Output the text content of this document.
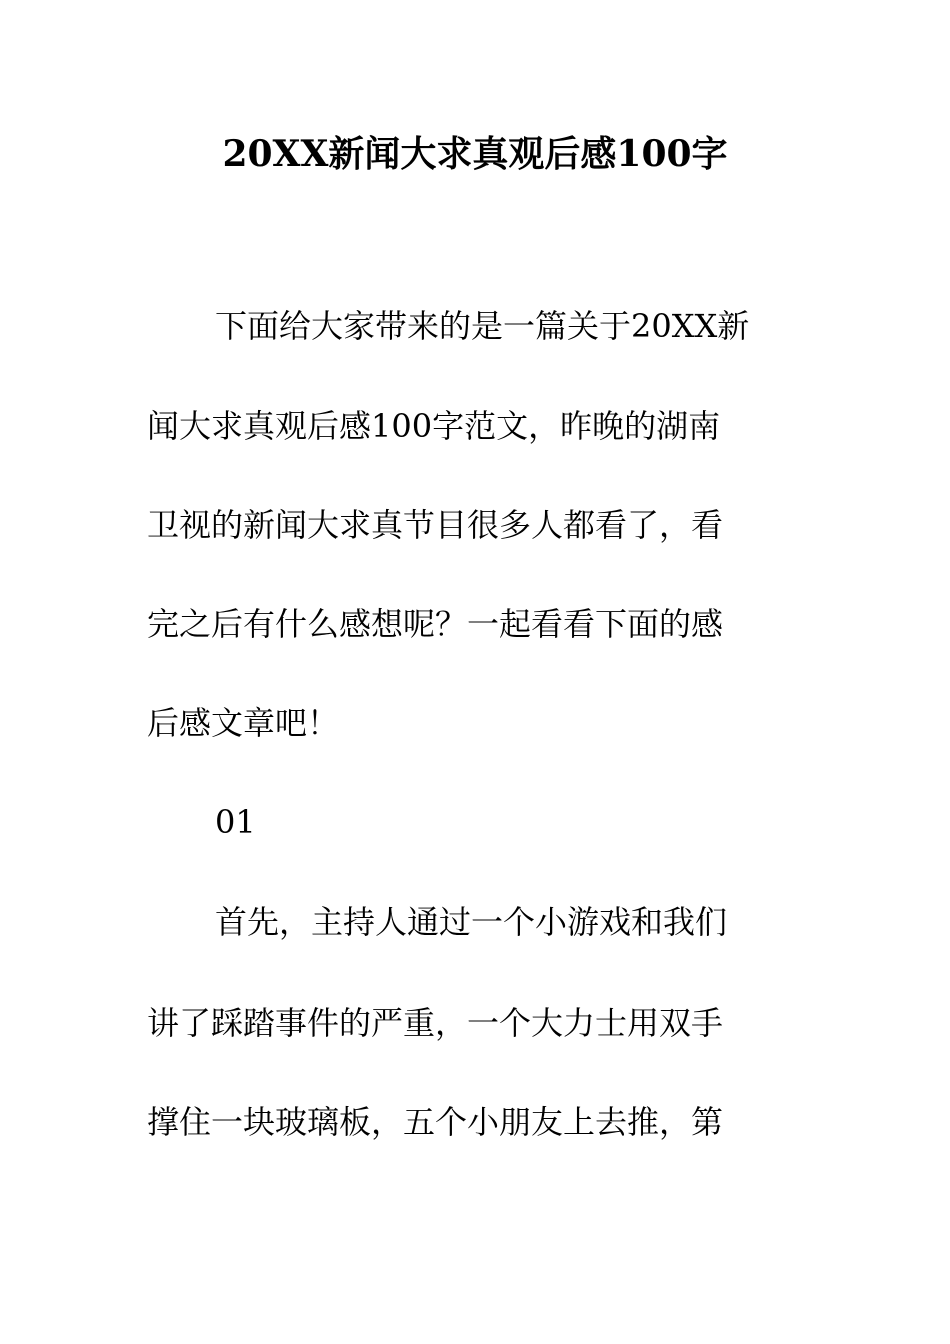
20XX新闻大求真观后感100字
下面给大家带来的是一篇关于20XX新
闻大求真观后感100字范文，昨晚的湖南
卫视的新闻大求真节目很多人都看了，看
完之后有什么感想呢？一起看看下面的感
后感文章吧！
01
首先，主持人通过一个小游戏和我们
讲了踩踏事件的严重，一个大力士用双手
撑住一块玻璃板，五个小朋友上去推，第
